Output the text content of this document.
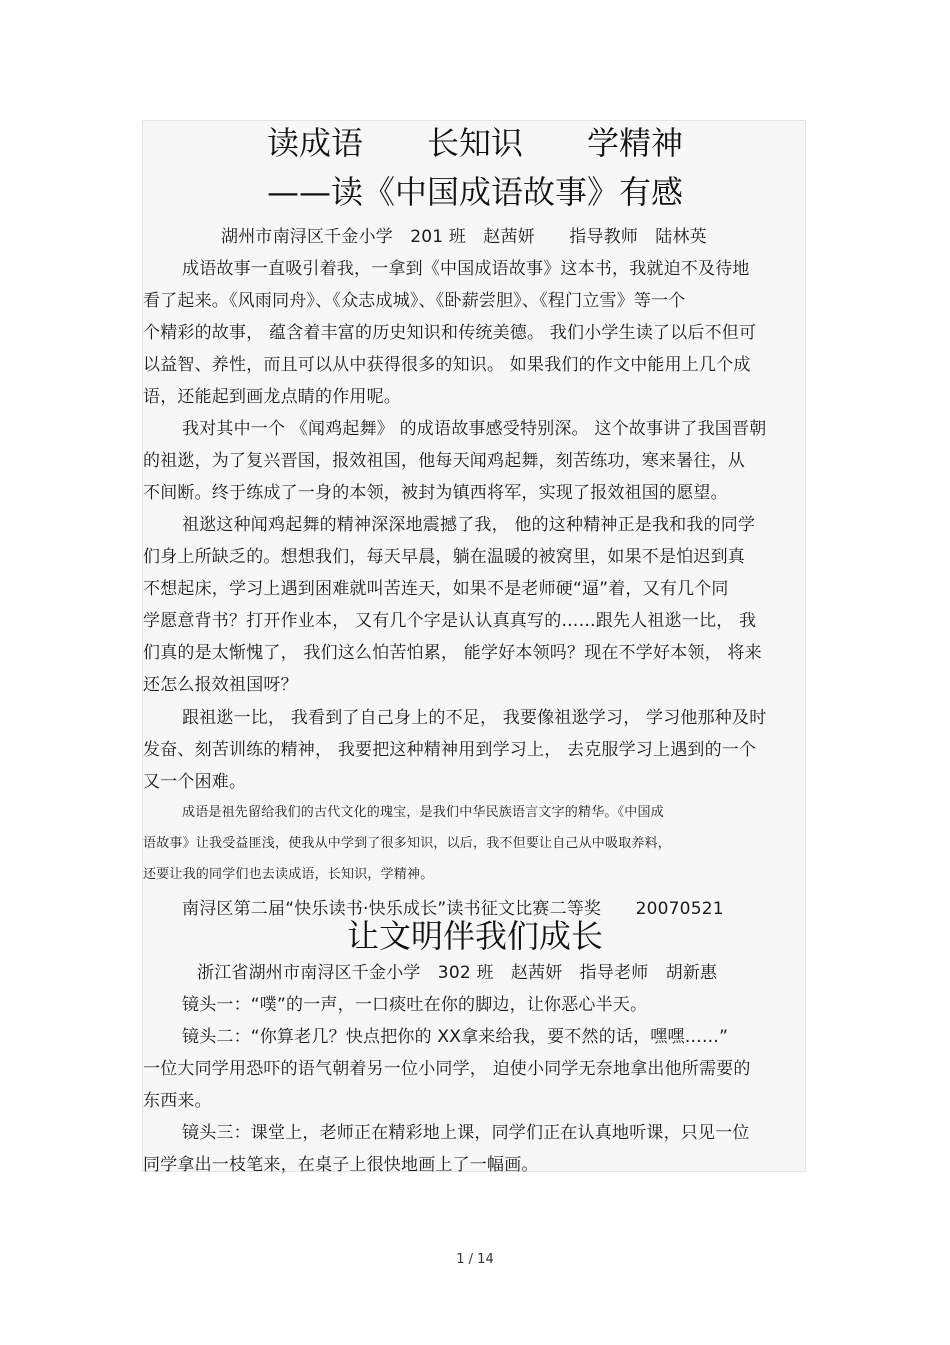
读成语　　长知识　　学精神
——读《中国成语故事》有感
湖州市南浔区千金小学　201 班　赵茜妍　　指导教师　陆林英
成语故事一直吸引着我，一拿到《中国成语故事》这本书，我就迫不及待地
看了起来。《风雨同舟》、《众志成城》、《卧薪尝胆》、《程门立雪》等一个
个精彩的故事， 蕴含着丰富的历史知识和传统美德。 我们小学生读了以后不但可
以益智、养性，而且可以从中获得很多的知识。 如果我们的作文中能用上几个成
语，还能起到画龙点睛的作用呢。
我对其中一个 《闻鸡起舞》 的成语故事感受特别深。 这个故事讲了我国晋朝
的祖逖，为了复兴晋国，报效祖国，他每天闻鸡起舞，刻苦练功，寒来暑往，从
不间断。终于练成了一身的本领，被封为镇西将军，实现了报效祖国的愿望。
祖逖这种闻鸡起舞的精神深深地震撼了我， 他的这种精神正是我和我的同学
们身上所缺乏的。想想我们，每天早晨，躺在温暖的被窝里，如果不是怕迟到真
不想起床，学习上遇到困难就叫苦连天，如果不是老师硬“逼”着，又有几个同
学愿意背书？打开作业本， 又有几个字是认认真真写的……跟先人祖逖一比， 我
们真的是太惭愧了， 我们这么怕苦怕累， 能学好本领吗？现在不学好本领， 将来
还怎么报效祖国呀？
跟祖逖一比， 我看到了自己身上的不足， 我要像祖逖学习， 学习他那种及时
发奋、刻苦训练的精神， 我要把这种精神用到学习上， 去克服学习上遇到的一个
又一个困难。
成语是祖先留给我们的古代文化的瑰宝，是我们中华民族语言文字的精华。《中国成
语故事》让我受益匪浅，使我从中学到了很多知识，以后，我不但要让自己从中吸取养料，
还要让我的同学们也去读成语，长知识，学精神。
南浔区第二届“快乐读书·快乐成长”读书征文比赛二等奖　　20070521
让文明伴我们成长
浙江省湖州市南浔区千金小学　302 班　赵茜妍　指导老师　胡新惠
镜头一：“噗”的一声，一口痰吐在你的脚边，让你恶心半天。
镜头二：“你算老几？快点把你的 XX拿来给我，要不然的话，嘿嘿……”
一位大同学用恐吓的语气朝着另一位小同学， 迫使小同学无奈地拿出他所需要的
东西来。
镜头三：课堂上，老师正在精彩地上课，同学们正在认真地听课，只见一位
同学拿出一枝笔来，在桌子上很快地画上了一幅画。
1 / 14
